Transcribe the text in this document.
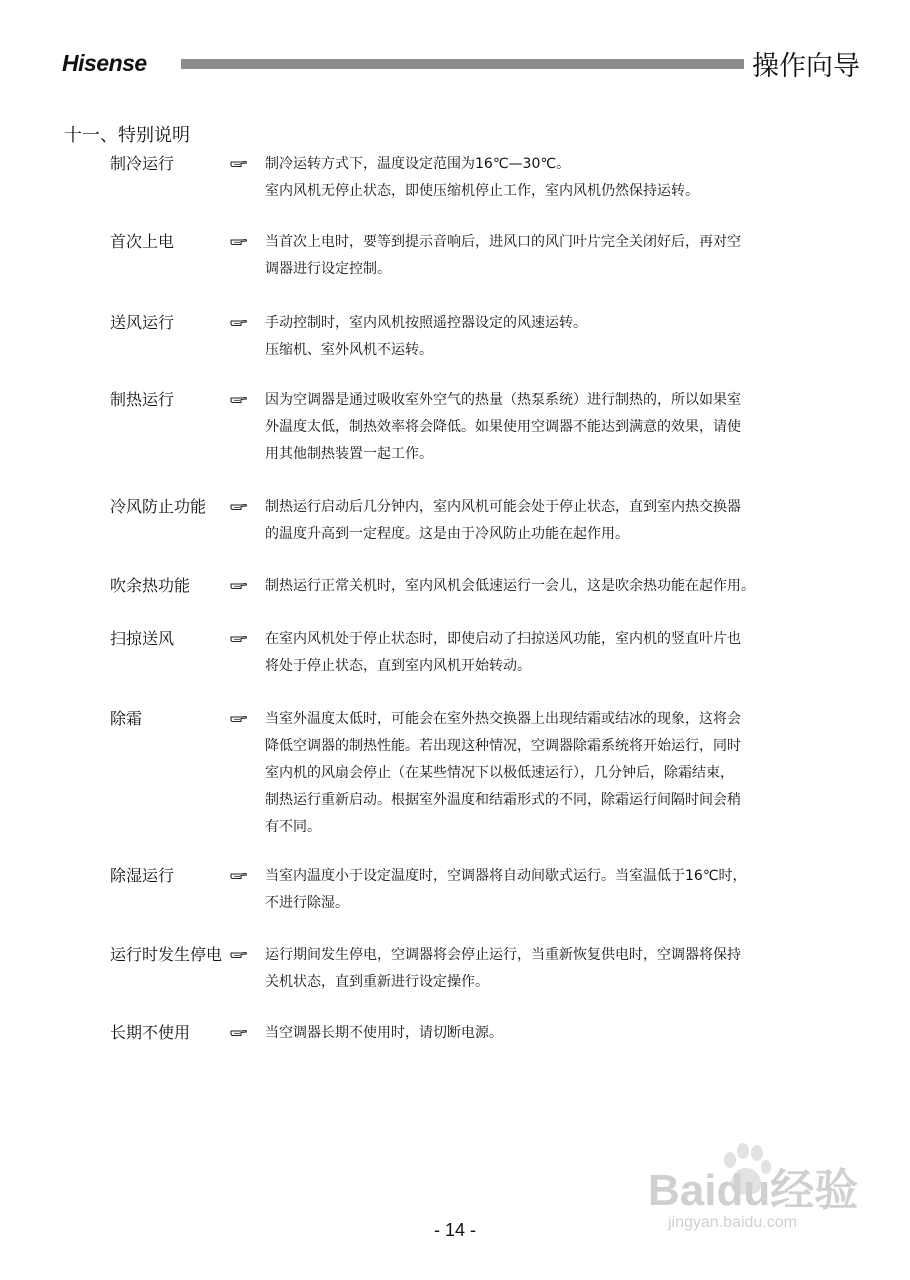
Hisense	操作向导
十一、特别说明
制冷运行	制冷运转方式下，温度设定范围为16℃—30℃。
室内风机无停止状态，即使压缩机停止工作，室内风机仍然保持运转。
首次上电	当首次上电时，要等到提示音响后，进风口的风门叶片完全关闭好后，再对空
调器进行设定控制。
送风运行	手动控制时，室内风机按照遥控器设定的风速运转。
压缩机、室外风机不运转。
制热运行	因为空调器是通过吸收室外空气的热量（热泵系统）进行制热的，所以如果室
外温度太低，制热效率将会降低。如果使用空调器不能达到满意的效果，请使
用其他制热装置一起工作。
冷风防止功能	制热运行启动后几分钟内，室内风机可能会处于停止状态，直到室内热交换器
的温度升高到一定程度。这是由于冷风防止功能在起作用。
吹余热功能	制热运行正常关机时，室内风机会低速运行一会儿，这是吹余热功能在起作用。
扫掠送风	在室内风机处于停止状态时，即使启动了扫掠送风功能，室内机的竖直叶片也
将处于停止状态，直到室内风机开始转动。
除霜	当室外温度太低时，可能会在室外热交换器上出现结霜或结冰的现象，这将会
降低空调器的制热性能。若出现这种情况，空调器除霜系统将开始运行，同时
室内机的风扇会停止（在某些情况下以极低速运行），几分钟后，除霜结束，
制热运行重新启动。根据室外温度和结霜形式的不同，除霜运行间隔时间会稍
有不同。
除湿运行	当室内温度小于设定温度时，空调器将自动间歇式运行。当室温低于16℃时，
不进行除湿。
运行时发生停电	运行期间发生停电，空调器将会停止运行，当重新恢复供电时，空调器将保持
关机状态，直到重新进行设定操作。
长期不使用	当空调器长期不使用时，请切断电源。
Baidu经验
jingyan.baidu.com
- 14 -
